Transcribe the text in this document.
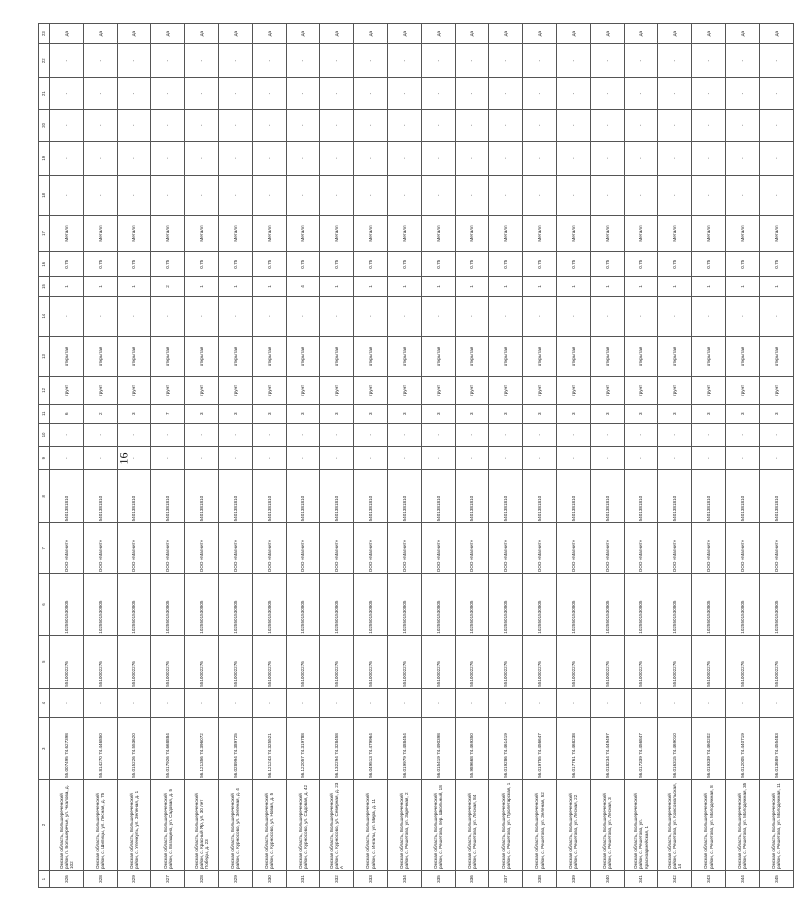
16
1	2	3	4	5	6	7	8	9	10	11	12	13	14	15	16	17	18	19	20	21	22	23
326	Омская область, Большереченский район, п. Большеречье, ул. Чкалова, д. 102	55.007495 74.627398	-	5510002276	1025501530805	ООО «Магнит»	5401381810	-	-	6	грунт	открытая	-	1	0.75	Металл	-	-	-	-	-	да
328	Омская область, Большереченский район, с. Шипицы, ул. Лесная, д. 75	55.814270 74.446850	-	5510002276	1025501530805	ООО «Магнит»	5401381810	-	-	2	грунт	открытая	-	1	0.75	Металл	-	-	-	-	-	да
329	Омская область, Большереченский район, с. Уленкуль, ул. Зеленая, д. 1	55.015226 74.553620	-	5510002276	1025501530805	ООО «Магнит»	5401381810	-	-	3	грунт	открытая	-	1	0.75	Металл	-	-	-	-	-	да
327	Омская область, Большереченский район, с. Евгащино, ул. Садовая, д. 5	55.017926 74.668884	-	5510002276	1025501530805	ООО «Магнит»	5401381810	-	-	7	грунт	открытая	-	2	0.75	Металл	-	-	-	-	-	да
328	Омская область, Большереченский район, с. Красный Яр, ул. 30 лет Победы, д. 23	56.121356 74.396072	-	5510002276	1025501530805	ООО «Магнит»	5401381810	-	-	3	грунт	открытая	-	1	0.75	Металл	-	-	-	-	-	да
329	Омская область, Большереченский район, с. Курносово, ул. Зеленая, д. 4	56.028994 74.389725	-	5510002276	1025501530805	ООО «Магнит»	5401381810	-	-	3	грунт	открытая	-	1	0.75	Металл	-	-	-	-	-	да
330	Омская область, Большереченский район, с. Курносово, ул. Новая, д. 5	56.121243 74.325521	-	5510002276	1025501530805	ООО «Магнит»	5401381810	-	-	3	грунт	открытая	-	1	0.75	Металл	-	-	-	-	-	да
331	Омская область, Большереченский район, с. Курносово, ул. Садовая, д. 42	56.122057 74.319788	-	5510002276	1025501530805	ООО «Магнит»	5401381810	-	-	3	грунт	открытая	-	4	0.75	Металл	-	-	-	-	-	да
332	Омская область, Большереченский район, с. Курносово, ул. Северная, д. 23 А	56.132294 74.328458	-	5510002276	1025501530805	ООО «Магнит»	5401381810	-	-	3	грунт	открытая	-	1	0.75	Металл	-	-	-	-	-	да
333	Омская область, Большереченский район, с. Ингалы, ул. Мира, д. 11	56.049513 74.479964	-	5510002276	1025501530805	ООО «Магнит»	5401381810	-	-	3	грунт	открытая	-	1	0.75	Металл	-	-	-	-	-	да
334	Омская область, Большереченский район, с. Решетово, ул. Заречная, 2	56.019979 74.488454	-	5510002276	1025501530805	ООО «Магнит»	5401381810	-	-	3	грунт	открытая	-	1	0.75	Металл	-	-	-	-	-	да
335	Омская область, Большереченский район, с. Решетово, пер. Школьный, 18	56.015419 74.490398	-	5510002276	1025501530805	ООО «Магнит»	5401381810	-	-	3	грунт	открытая	-	1	0.75	Металл	-	-	-	-	-	да
336	Омская область, Большереченский район, с. Решетово, ул. Лесная, 84	55.989668 74.469350	-	5510002276	1025501530805	ООО «Магнит»	5401381810	-	-	3	грунт	открытая	-	1	0.75	Металл	-	-	-	-	-	да
337	Омская область, Большереченский район, с. Решетово, ул. Пролетарская, 1	56.019286 74.461419	-	5510002276	1025501530805	ООО «Магнит»	5401381810	-	-	3	грунт	открытая	-	1	0.75	Металл	-	-	-	-	-	да
338	Омская область, Большереченский район, с. Решетово, ул. Зеленая, 52	56.019755 74.456647	-	5510002276	1025501530805	ООО «Магнит»	5401381810	-	-	3	грунт	открытая	-	1	0.75	Металл	-	-	-	-	-	да
339	Омская область, Большереченский район, с. Решетово, ул. Лесная, 22	56.017761 74.468238	-	5510002276	1025501530805	ООО «Магнит»	5401381810	-	-	3	грунт	открытая	-	1	0.75	Металл	-	-	-	-	-	да
340	Омская область, Большереченский район, с. Решетово, ул. Лесная, 3	56.018234 74.449497	-	5510002276	1025501530805	ООО «Магнит»	5401381810	-	-	3	грунт	открытая	-	1	0.75	Металл	-	-	-	-	-	да
341	Омская область, Большереченский район, с. Решетово, ул. Красноармейская, 1	56.017339 74.456847	-	5510002276	1025501530805	ООО «Магнит»	5401381810	-	-	3	грунт	открытая	-	1	0.75	Металл	-	-	-	-	-	да
342	Омская область, Большереченский район, с. Решетово, ул. Комсомольская, 14	56.016315 74.469010	-	5510002276	1025501530805	ООО «Магнит»	5401381810	-	-	3	грунт	открытая	-	1	0.75	Металл	-	-	-	-	-	да
343	Омская область, Большереченский район, с. Решетово, ул. Молодежная, 8	56.019339 74.460202	-	5510002276	1025501530805	ООО «Магнит»	5401381810	-	-	3	грунт	открытая	-	1	0.75	Металл	-	-	-	-	-	да
344	Омская область, Большереченский район, с. Решетово, ул. Молодежная, 35	56.012005 74.440719	-	5510002276	1025501530805	ООО «Магнит»	5401381810	-	-	3	грунт	открытая	-	1	0.75	Металл	-	-	-	-	-	да
345	Омская область, Большереченский район, с. Решетово, ул. Молодежная, 11	56.013689 74.455483	-	5510002276	1025501530805	ООО «Магнит»	5401381810	-	-	3	грунт	открытая	-	1	0.75	Металл	-	-	-	-	-	да
